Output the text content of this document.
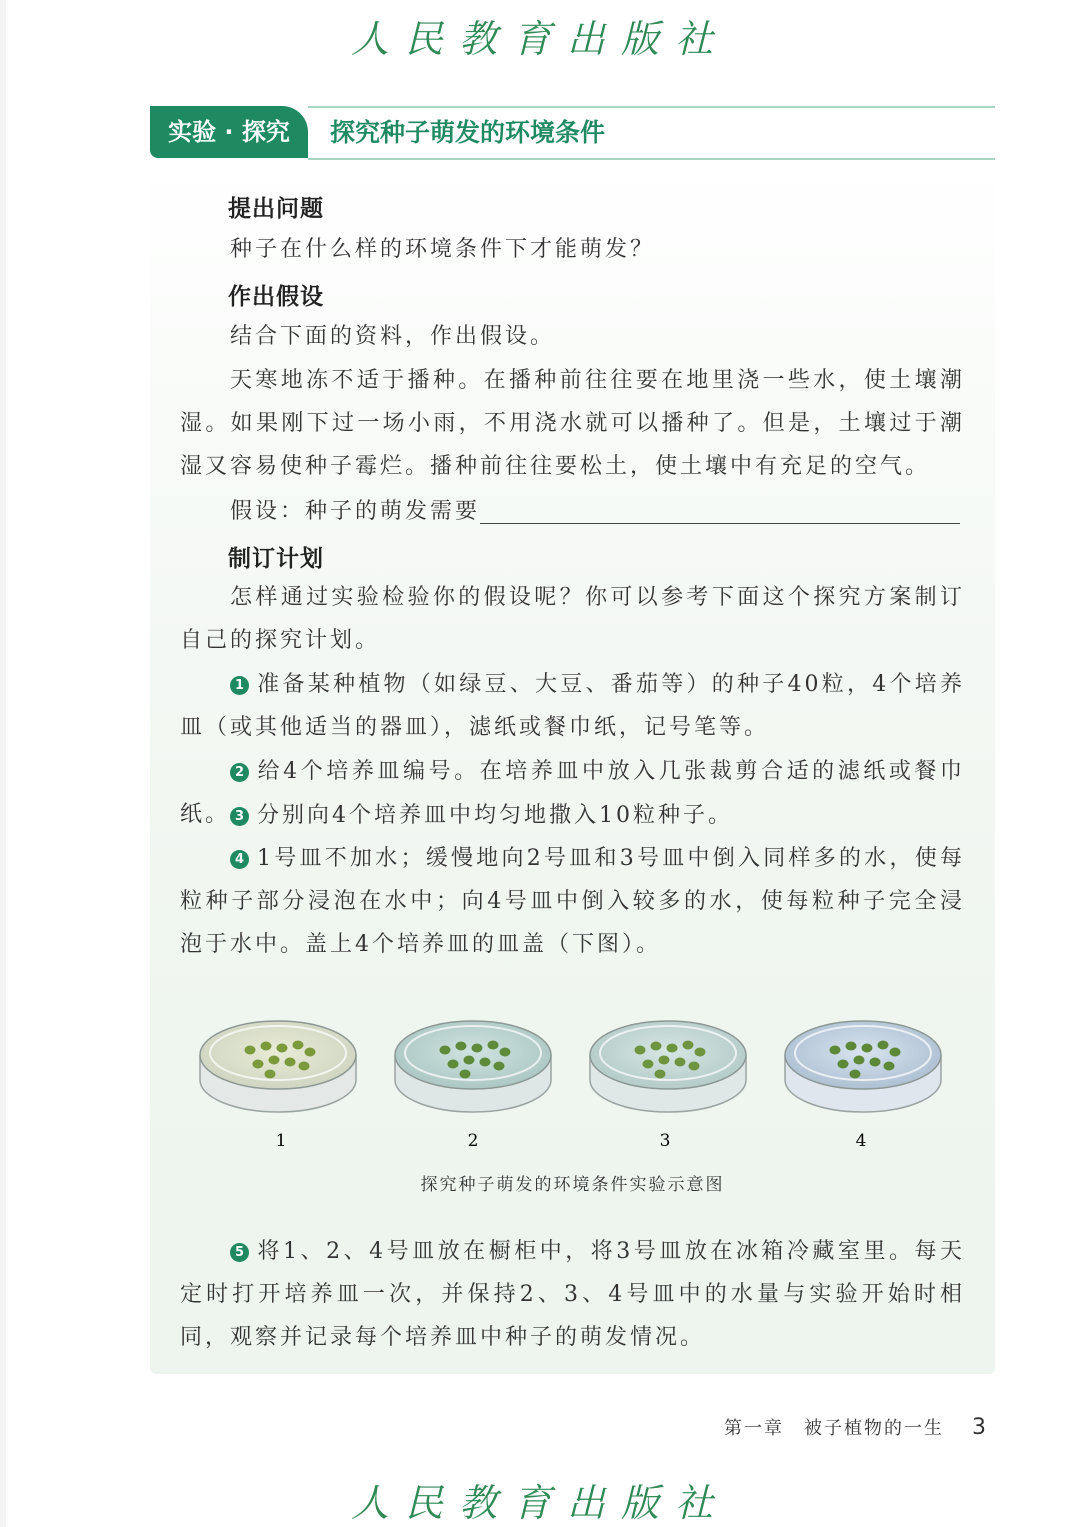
人民教育出版社
实验 · 探究	探究种子萌发的环境条件
提出问题
种子在什么样的环境条件下才能萌发？
作出假设
结合下面的资料，作出假设。
天寒地冻不适于播种。在播种前往往要在地里浇一些水，使土壤潮湿。如果刚下过一场小雨，不用浇水就可以播种了。但是，土壤过于潮湿又容易使种子霉烂。播种前往往要松土，使土壤中有充足的空气。
假设：种子的萌发需要
制订计划
怎样通过实验检验你的假设呢？你可以参考下面这个探究方案制订自己的探究计划。
1 准备某种植物（如绿豆、大豆、番茄等）的种子40粒，4个培养皿（或其他适当的器皿），滤纸或餐巾纸，记号笔等。
2 给4个培养皿编号。在培养皿中放入几张裁剪合适的滤纸或餐巾纸。 3 分别向4个培养皿中均匀地撒入10粒种子。
4 1号皿不加水；缓慢地向2号皿和3号皿中倒入同样多的水，使每粒种子部分浸泡在水中；向4号皿中倒入较多的水，使每粒种子完全浸泡于水中。盖上4个培养皿的皿盖（下图）。
1	2	3	4
探究种子萌发的环境条件实验示意图
5 将1、2、4号皿放在橱柜中，将3号皿放在冰箱冷藏室里。每天定时打开培养皿一次，并保持2、3、4号皿中的水量与实验开始时相同，观察并记录每个培养皿中种子的萌发情况。
第一章　被子植物的一生 3
人民教育出版社
